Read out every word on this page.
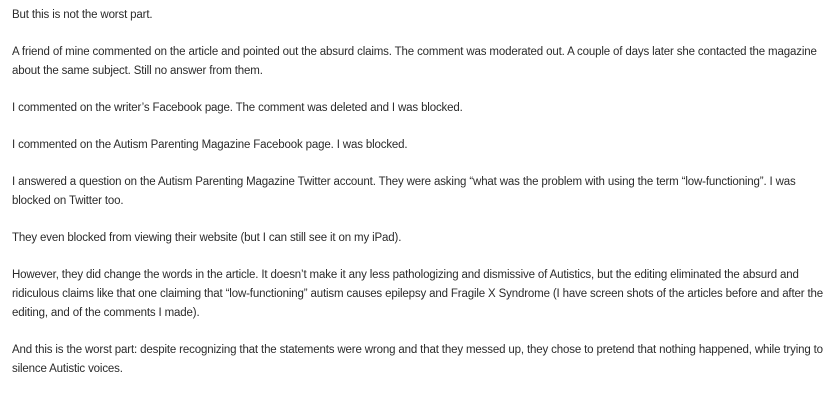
But this is not the worst part.

A friend of mine commented on the article and pointed out the absurd claims. The comment was moderated out. A couple of days later she contacted the magazine about the same subject. Still no answer from them.

I commented on the writer’s Facebook page. The comment was deleted and I was blocked.

I commented on the Autism Parenting Magazine Facebook page. I was blocked.

I answered a question on the Autism Parenting Magazine Twitter account. They were asking “what was the problem with using the term “low-functioning”. I was blocked on Twitter too.

They even blocked from viewing their website (but I can still see it on my iPad).

However, they did change the words in the article. It doesn’t make it any less pathologizing and dismissive of Autistics, but the editing eliminated the absurd and ridiculous claims like that one claiming that “low-functioning” autism causes epilepsy and Fragile X Syndrome (I have screen shots of the articles before and after the editing, and of the comments I made).

And this is the worst part: despite recognizing that the statements were wrong and that they messed up, they chose to pretend that nothing happened, while trying to silence Autistic voices.
